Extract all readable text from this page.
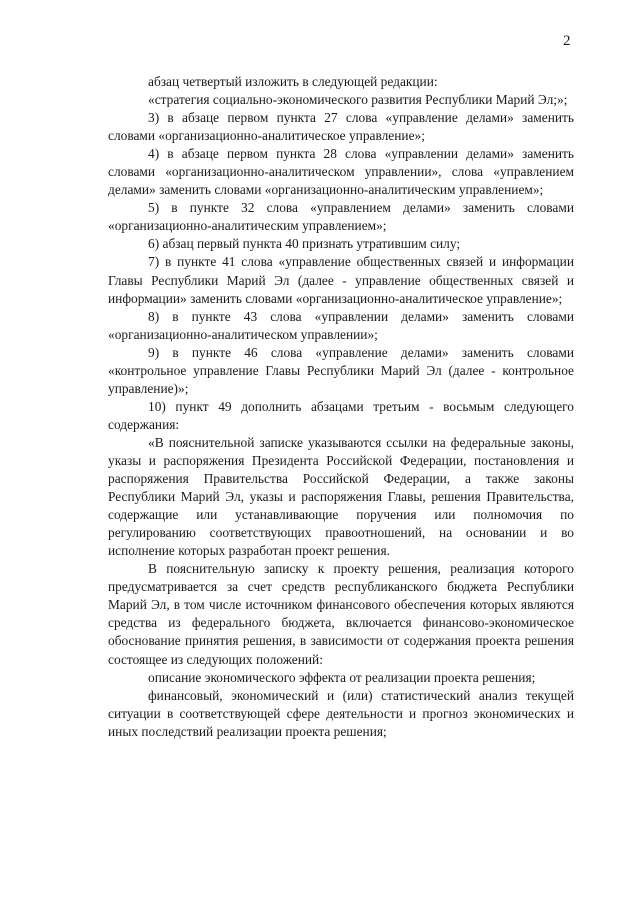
2

абзац четвертый изложить в следующей редакции:

«стратегия социально-экономического развития Республики Марий Эл;»;

3) в абзаце первом пункта 27 слова «управление делами» заменить словами «организационно-аналитическое управление»;

4) в абзаце первом пункта 28 слова «управлении делами» заменить словами «организационно-аналитическом управлении», слова «управлением делами» заменить словами «организационно-аналитическим управлением»;

5) в пункте 32 слова «управлением делами» заменить словами «организационно-аналитическим управлением»;

6) абзац первый пункта 40 признать утратившим силу;

7) в пункте 41 слова «управление общественных связей и информации Главы Республики Марий Эл (далее - управление общественных связей и информации» заменить словами «организационно-аналитическое управление»;

8) в пункте 43 слова «управлении делами» заменить словами «организационно-аналитическом управлении»;

9) в пункте 46 слова «управление делами» заменить словами «контрольное управление Главы Республики Марий Эл (далее - контрольное управление)»;

10) пункт 49 дополнить абзацами третьим - восьмым следующего содержания:

«В пояснительной записке указываются ссылки на федеральные законы, указы и распоряжения Президента Российской Федерации, постановления и распоряжения Правительства Российской Федерации, а также законы Республики Марий Эл, указы и распоряжения Главы, решения Правительства, содержащие или устанавливающие поручения или полномочия по регулированию соответствующих правоотношений, на основании и во исполнение которых разработан проект решения.

В пояснительную записку к проекту решения, реализация которого предусматривается за счет средств республиканского бюджета Республики Марий Эл, в том числе источником финансового обеспечения которых являются средства из федерального бюджета, включается финансово-экономическое обоснование принятия решения, в зависимости от содержания проекта решения состоящее из следующих положений:

описание экономического эффекта от реализации проекта решения;

финансовый, экономический и (или) статистический анализ текущей ситуации в соответствующей сфере деятельности и прогноз экономических и иных последствий реализации проекта решения;
